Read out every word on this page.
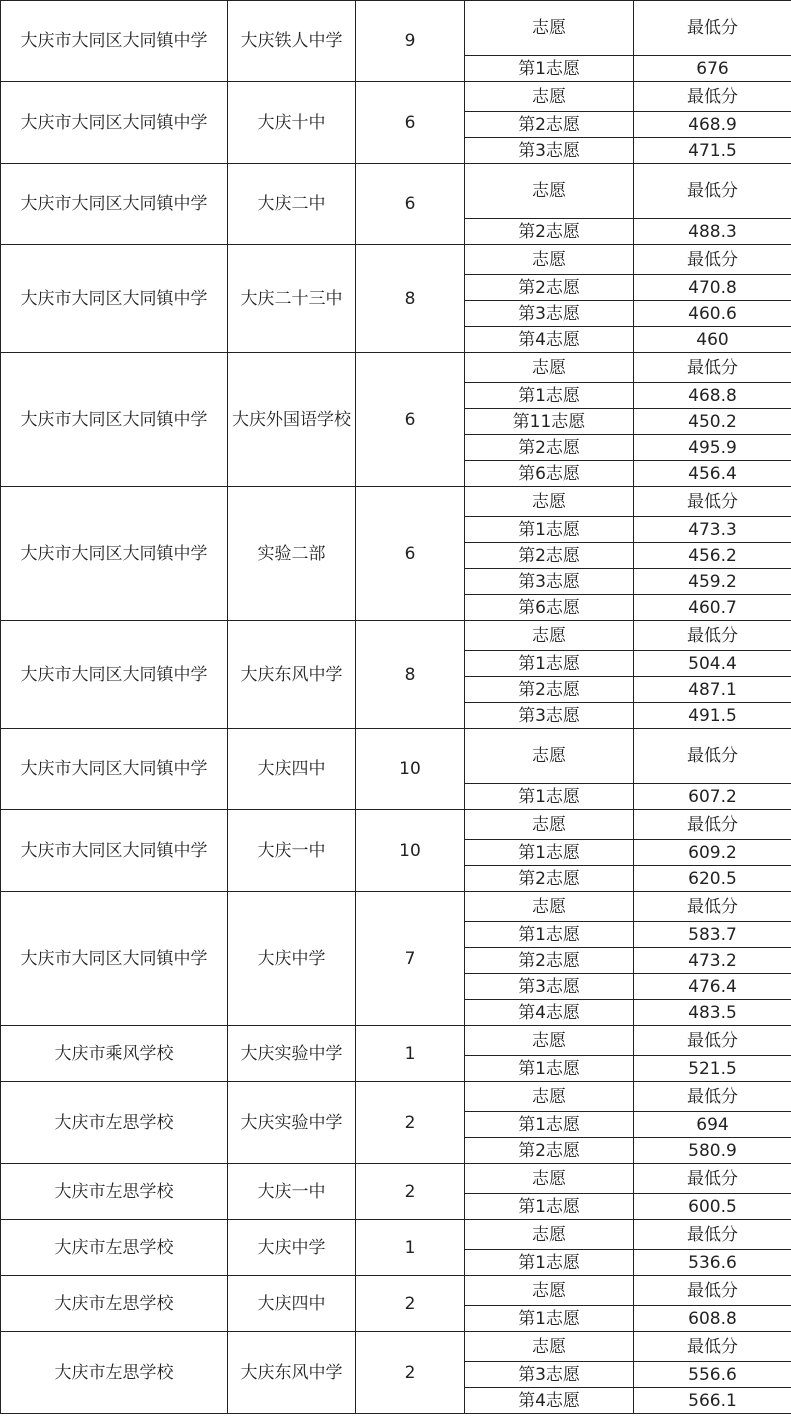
大庆市大同区大同镇中学	大庆铁人中学	9	志愿	最低分
			第1志愿	676
大庆市大同区大同镇中学	大庆十中	6	志愿	最低分
			第2志愿	468.9
			第3志愿	471.5
大庆市大同区大同镇中学	大庆二中	6	志愿	最低分
			第2志愿	488.3
大庆市大同区大同镇中学	大庆二十三中	8	志愿	最低分
			第2志愿	470.8
			第3志愿	460.6
			第4志愿	460
大庆市大同区大同镇中学	大庆外国语学校	6	志愿	最低分
			第1志愿	468.8
			第11志愿	450.2
			第2志愿	495.9
			第6志愿	456.4
大庆市大同区大同镇中学	实验二部	6	志愿	最低分
			第1志愿	473.3
			第2志愿	456.2
			第3志愿	459.2
			第6志愿	460.7
大庆市大同区大同镇中学	大庆东风中学	8	志愿	最低分
			第1志愿	504.4
			第2志愿	487.1
			第3志愿	491.5
大庆市大同区大同镇中学	大庆四中	10	志愿	最低分
			第1志愿	607.2
大庆市大同区大同镇中学	大庆一中	10	志愿	最低分
			第1志愿	609.2
			第2志愿	620.5
大庆市大同区大同镇中学	大庆中学	7	志愿	最低分
			第1志愿	583.7
			第2志愿	473.2
			第3志愿	476.4
			第4志愿	483.5
大庆市乘风学校	大庆实验中学	1	志愿	最低分
			第1志愿	521.5
大庆市左思学校	大庆实验中学	2	志愿	最低分
			第1志愿	694
			第2志愿	580.9
大庆市左思学校	大庆一中	2	志愿	最低分
			第1志愿	600.5
大庆市左思学校	大庆中学	1	志愿	最低分
			第1志愿	536.6
大庆市左思学校	大庆四中	2	志愿	最低分
			第1志愿	608.8
大庆市左思学校	大庆东风中学	2	志愿	最低分
			第3志愿	556.6
			第4志愿	566.1
